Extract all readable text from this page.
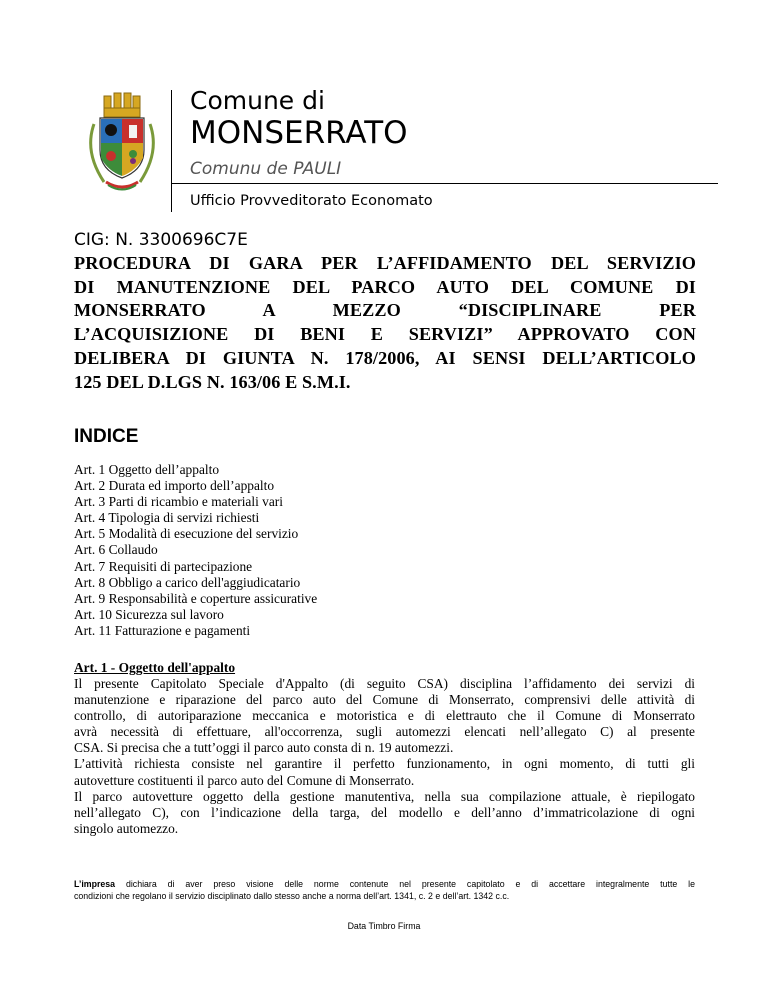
Comune di
MONSERRATO
Comunu de PAULI
Ufficio Provveditorato Economato
CIG: N. 3300696C7E
PROCEDURA DI GARA PER L’AFFIDAMENTO DEL SERVIZIO
DI MANUTENZIONE DEL PARCO AUTO DEL COMUNE DI
MONSERRATO A MEZZO “DISCIPLINARE PER
L’ACQUISIZIONE DI BENI E SERVIZI” APPROVATO CON
DELIBERA DI GIUNTA N. 178/2006, AI SENSI DELL’ARTICOLO
125 DEL D.LGS N. 163/06 E S.M.I.
INDICE
Art. 1 Oggetto dell’appalto
Art. 2 Durata ed importo dell’appalto
Art. 3 Parti di ricambio e materiali vari
Art. 4 Tipologia di servizi richiesti
Art. 5 Modalità di esecuzione del servizio
Art. 6 Collaudo
Art. 7 Requisiti di partecipazione
Art. 8 Obbligo a carico dell'aggiudicatario
Art. 9 Responsabilità e coperture assicurative
Art. 10 Sicurezza sul lavoro
Art. 11 Fatturazione e pagamenti
Art. 1 - Oggetto dell'appalto
Il presente Capitolato Speciale d'Appalto (di seguito CSA) disciplina l’affidamento dei servizi di
manutenzione e riparazione del parco auto del Comune di Monserrato, comprensivi delle attività di
controllo, di autoriparazione meccanica e motoristica e di elettrauto che il Comune di Monserrato
avrà necessità di effettuare, all'occorrenza, sugli automezzi elencati nell’allegato C) al presente
CSA. Si precisa che a tutt’oggi il parco auto consta di n. 19 automezzi.
L’attività richiesta consiste nel garantire il perfetto funzionamento, in ogni momento, di tutti gli
autovetture costituenti il parco auto del Comune di Monserrato.
Il parco autovetture oggetto della gestione manutentiva, nella sua compilazione attuale, è riepilogato
nell’allegato C), con l’indicazione della targa, del modello e dell’anno d’immatricolazione di ogni
singolo automezzo.
L’impresa dichiara di aver preso visione delle norme contenute nel presente capitolato e di accettare integralmente tutte le
condizioni che regolano il servizio disciplinato dallo stesso anche a norma dell’art. 1341, c. 2 e dell’art. 1342 c.c.
Data Timbro Firma
